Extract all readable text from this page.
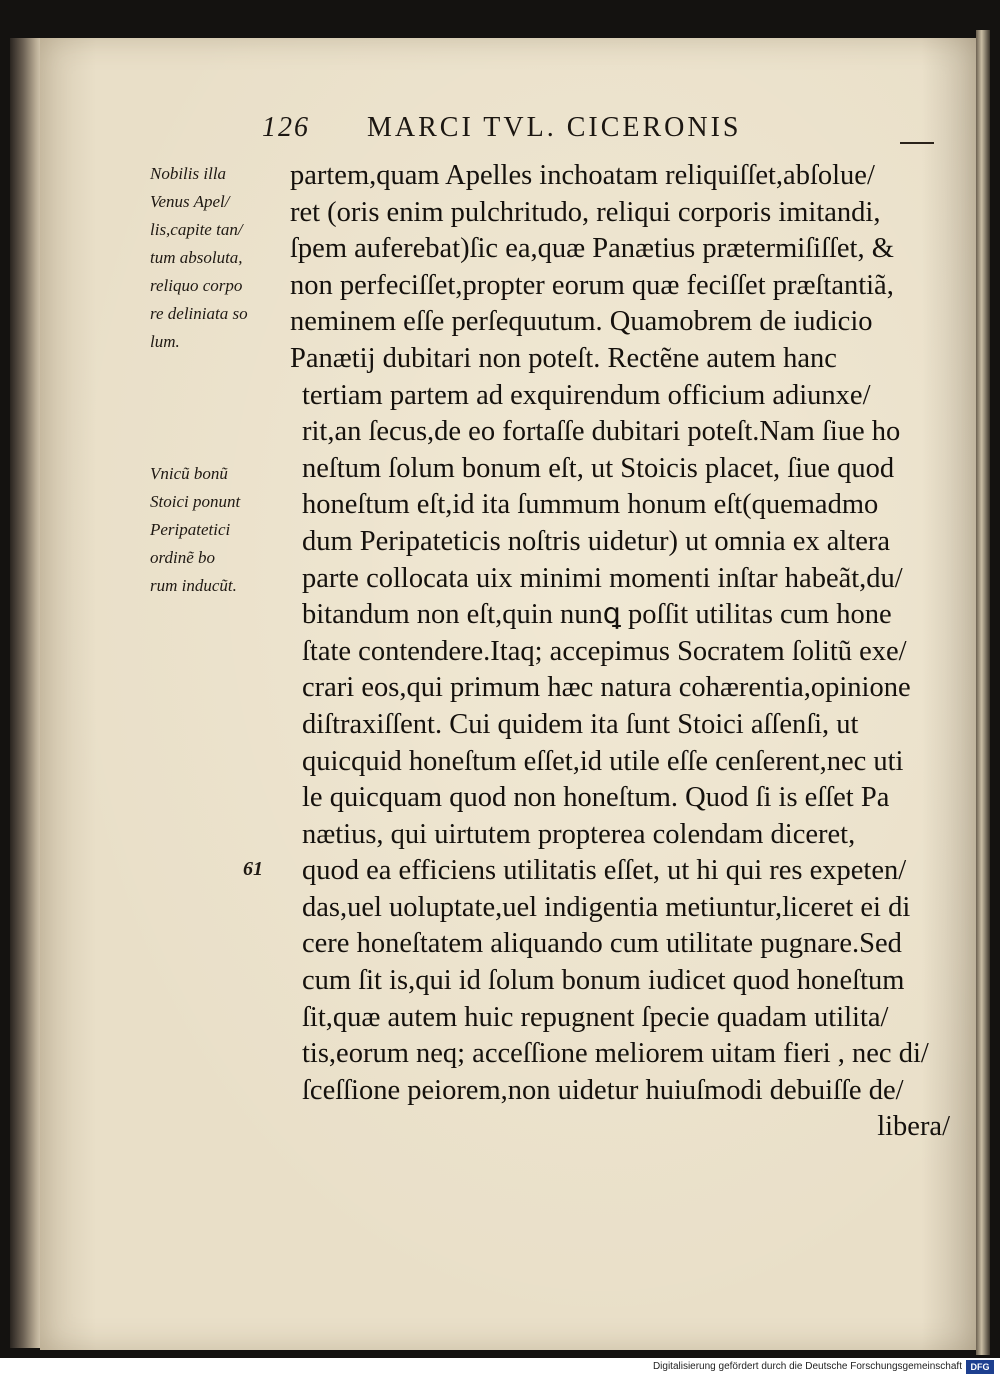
126 MARCI TVL. CICERONIS
Nobilis illa
Venus Apel/
lis,capite tan/
tum absoluta,
reliquo corpo
re deliniata so
lum.
Vnicũ bonũ
Stoici ponunt
Peripatetici
ordinẽ bo
rum inducũt.
61
partem,quam Apelles inchoatam reliquiſſet,abſolue/
ret (oris enim pulchritudo, reliqui corporis imitandi,
ſpem auferebat)ſic ea,quæ Panætius prætermiſiſſet, &
non perfeciſſet,propter eorum quæ feciſſet præſtantiã,
neminem eſſe perſequutum. Quamobrem de iudicio
Panætij dubitari non poteſt. Rectẽne autem hanc
tertiam partem ad exquirendum officium adiunxe/
rit,an ſecus,de eo fortaſſe dubitari poteſt.Nam ſiue ho
neſtum ſolum bonum eſt, ut Stoicis placet, ſiue quod
honeſtum eſt,id ita ſummum honum eſt(quemadmo
dum Peripateticis noſtris uidetur) ut omnia ex altera
parte collocata uix minimi momenti inſtar habeãt,du/
bitandum non eſt,quin nunꝗ poſſit utilitas cum hone
ſtate contendere.Itaq; accepimus Socratem ſolitũ exe/
crari eos,qui primum hæc natura cohærentia,opinione
diſtraxiſſent. Cui quidem ita ſunt Stoici aſſenſi, ut
quicquid honeſtum eſſet,id utile eſſe cenſerent,nec uti
le quicquam quod non honeſtum. Quod ſi is eſſet Pa
nætius, qui uirtutem propterea colendam diceret,
quod ea efficiens utilitatis eſſet, ut hi qui res expeten/
das,uel uoluptate,uel indigentia metiuntur,liceret ei di
cere honeſtatem aliquando cum utilitate pugnare.Sed
cum ſit is,qui id ſolum bonum iudicet quod honeſtum
ſit,quæ autem huic repugnent ſpecie quadam utilita/
tis,eorum neq; acceſſione meliorem uitam fieri , nec di/
ſceſſione peiorem,non uidetur huiuſmodi debuiſſe de/
libera/
Digitalisierung gefördert durch die Deutsche Forschungsgemeinschaft DFG
